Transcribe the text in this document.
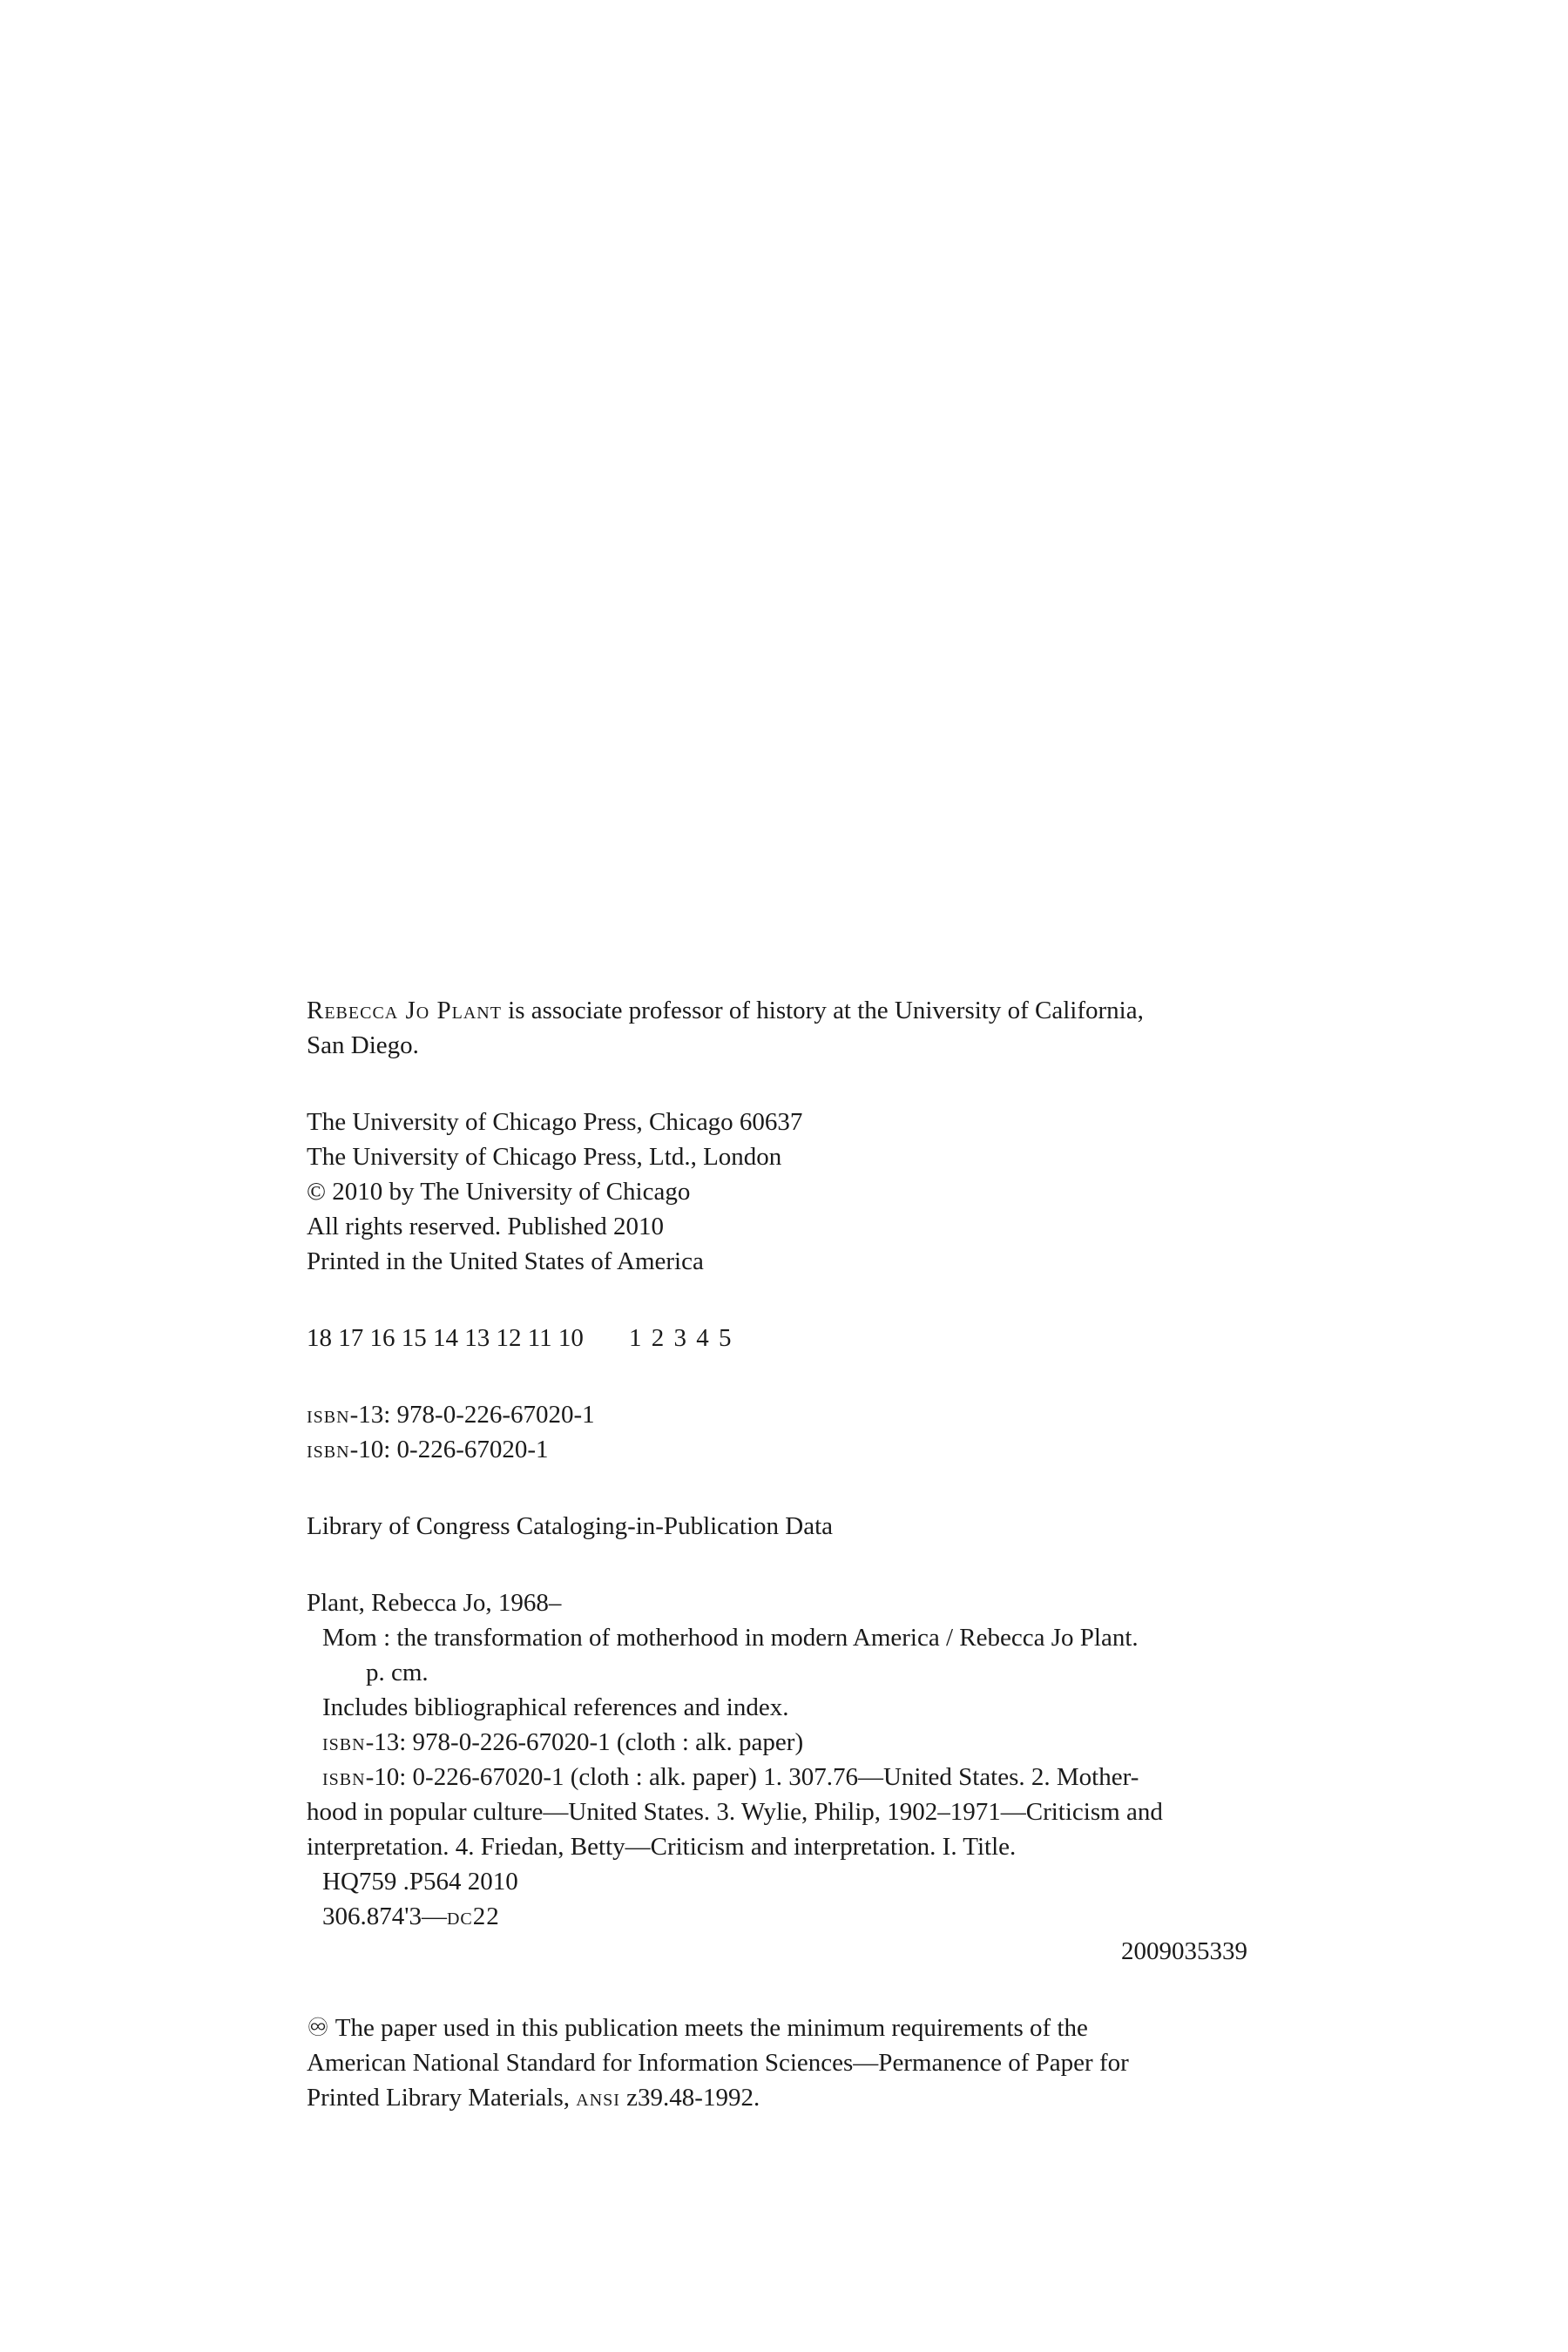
Rebecca Jo Plant is associate professor of history at the University of California,

San Diego.

The University of Chicago Press, Chicago 60637

The University of Chicago Press, Ltd., London

© 2010 by The University of Chicago

All rights reserved. Published 2010

Printed in the United States of America

18 17 16 15 14 13 12 11 10 1 2 3 4 5

isbn-13: 978-0-226-67020-1

isbn-10: 0-226-67020-1

Library of Congress Cataloging-in-Publication Data

Plant, Rebecca Jo, 1968–

Mom : the transformation of motherhood in modern America / Rebecca Jo Plant.

p. cm.

Includes bibliographical references and index.

isbn-13: 978-0-226-67020-1 (cloth : alk. paper)

isbn-10: 0-226-67020-1 (cloth : alk. paper) 1. 307.76—United States. 2. Mother-

hood in popular culture—United States. 3. Wylie, Philip, 1902–1971—Criticism and

interpretation. 4. Friedan, Betty—Criticism and interpretation. I. Title.

HQ759 .P564 2010

306.874'3—dc22

2009035339

♾ The paper used in this publication meets the minimum requirements of the

American National Standard for Information Sciences—Permanence of Paper for

Printed Library Materials, ansi z39.48-1992.
